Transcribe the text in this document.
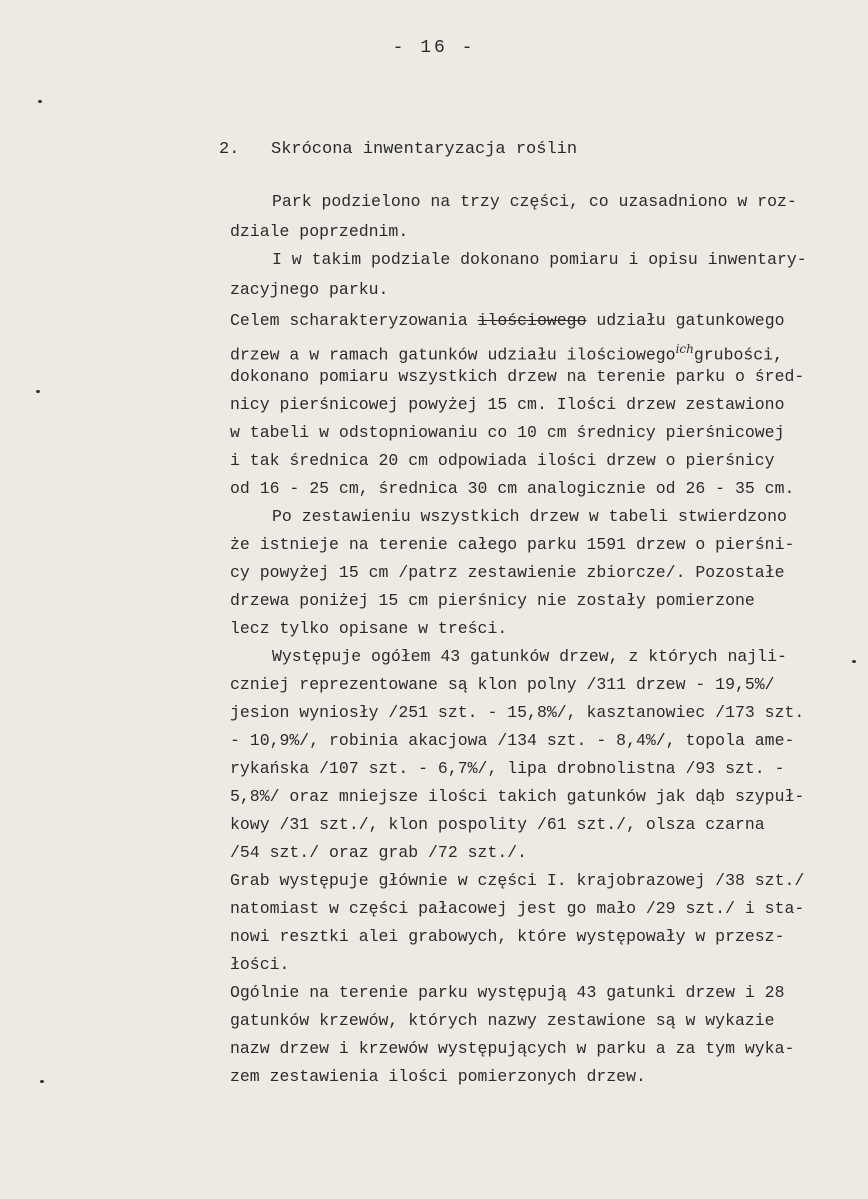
- 16 -
2. Skrócona inwentaryzacja roślin
Park podzielono na trzy części, co uzasadniono w roz-
dziale poprzednim.
I w takim podziale dokonano pomiaru i opisu inwentary-
zacyjnego parku.
Celem scharakteryzowania ilościowego udziału gatunkowego
drzew a w ramach gatunków udziału ilościowego$^{ich}$grubości,
dokonano pomiaru wszystkich drzew na terenie parku o śred-
nicy pierśnicowej powyżej 15 cm. Ilości drzew zestawiono
w tabeli w odstopniowaniu co 10 cm średnicy pierśnicowej
i tak średnica 20 cm odpowiada ilości drzew o pierśnicy
od 16 - 25 cm, średnica 30 cm analogicznie od 26 - 35 cm.
Po zestawieniu wszystkich drzew w tabeli stwierdzono
że istnieje na terenie całego parku 1591 drzew o pierśni-
cy powyżej 15 cm /patrz zestawienie zbiorcze/. Pozostałe
drzewa poniżej 15 cm pierśnicy nie zostały pomierzone
lecz tylko opisane w treści.
Występuje ogółem 43 gatunków drzew, z których najli-
czniej reprezentowane są klon polny /311 drzew - 19,5%/
jesion wyniosły /251 szt. - 15,8%/, kasztanowiec /173 szt.
- 10,9%/, robinia akacjowa /134 szt. - 8,4%/, topola ame-
rykańska /107 szt. - 6,7%/, lipa drobnolistna /93 szt. -
5,8%/ oraz mniejsze ilości takich gatunków jak dąb szypuł-
kowy /31 szt./, klon pospolity /61 szt./, olsza czarna
/54 szt./ oraz grab /72 szt./.
Grab występuje głównie w części I. krajobrazowej /38 szt./
natomiast w części pałacowej jest go mało /29 szt./ i sta-
nowi resztki alei grabowych, które występowały w przesz-
łości.
Ogólnie na terenie parku występują 43 gatunki drzew i 28
gatunków krzewów, których nazwy zestawione są w wykazie
nazw drzew i krzewów występujących w parku a za tym wyka-
zem zestawienia ilości pomierzonych drzew.
